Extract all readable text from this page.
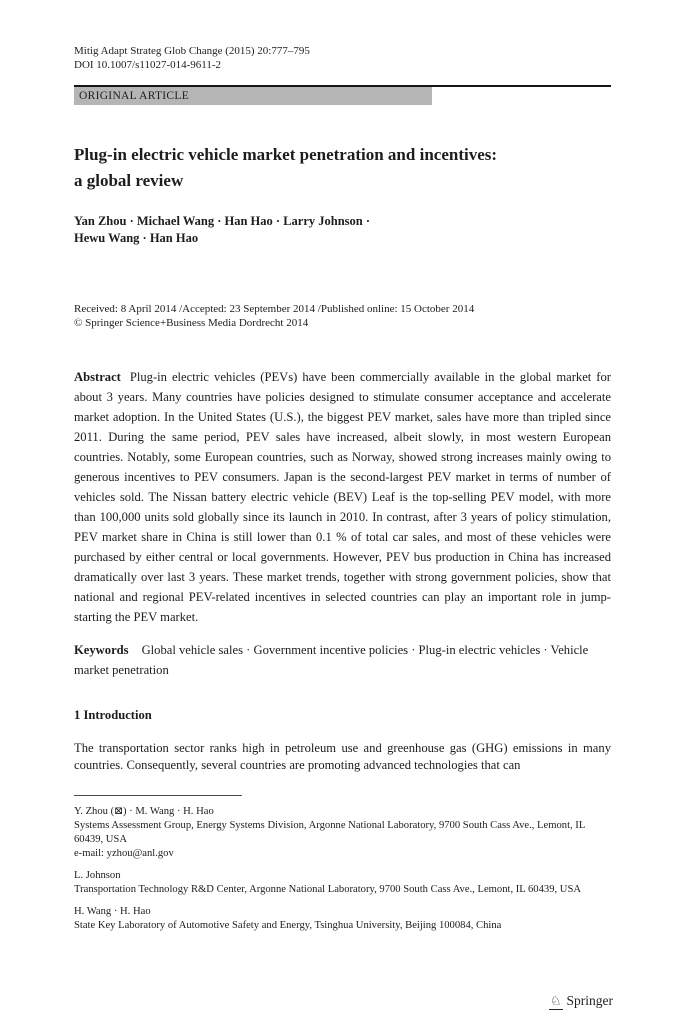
Mitig Adapt Strateg Glob Change (2015) 20:777–795
DOI 10.1007/s11027-014-9611-2
ORIGINAL ARTICLE
Plug-in electric vehicle market penetration and incentives:
a global review
Yan Zhou · Michael Wang · Han Hao · Larry Johnson ·
Hewu Wang · Han Hao
Received: 8 April 2014 /Accepted: 23 September 2014 /Published online: 15 October 2014
© Springer Science+Business Media Dordrecht 2014

Abstract Plug-in electric vehicles (PEVs) have been commercially available in the global market for about 3 years. Many countries have policies designed to stimulate consumer acceptance and accelerate market adoption. In the United States (U.S.), the biggest PEV market, sales have more than tripled since 2011. During the same period, PEV sales have increased, albeit slowly, in most western European countries. Notably, some European countries, such as Norway, showed strong increases mainly owing to generous incentives to PEV consumers. Japan is the second-largest PEV market in terms of number of vehicles sold. The Nissan battery electric vehicle (BEV) Leaf is the top-selling PEV model, with more than 100,000 units sold globally since its launch in 2010. In contrast, after 3 years of policy stimulation, PEV market share in China is still lower than 0.1 % of total car sales, and most of these vehicles were purchased by either central or local governments. However, PEV bus production in China has increased dramatically over last 3 years. These market trends, together with strong government policies, show that national and regional PEV-related incentives in selected countries can play an important role in jump-starting the PEV market.

Keywords Global vehicle sales · Government incentive policies · Plug-in electric vehicles · Vehicle market penetration

1 Introduction

The transportation sector ranks high in petroleum use and greenhouse gas (GHG) emissions in many countries. Consequently, several countries are promoting advanced technologies that can

Y. Zhou (⊠) · M. Wang · H. Hao
Systems Assessment Group, Energy Systems Division, Argonne National Laboratory, 9700 South Cass Ave., Lemont, IL 60439, USA
e-mail: yzhou@anl.gov
L. Johnson
Transportation Technology R&D Center, Argonne National Laboratory, 9700 South Cass Ave., Lemont, IL 60439, USA
H. Wang · H. Hao
State Key Laboratory of Automotive Safety and Energy, Tsinghua University, Beijing 100084, China
♘ Springer
